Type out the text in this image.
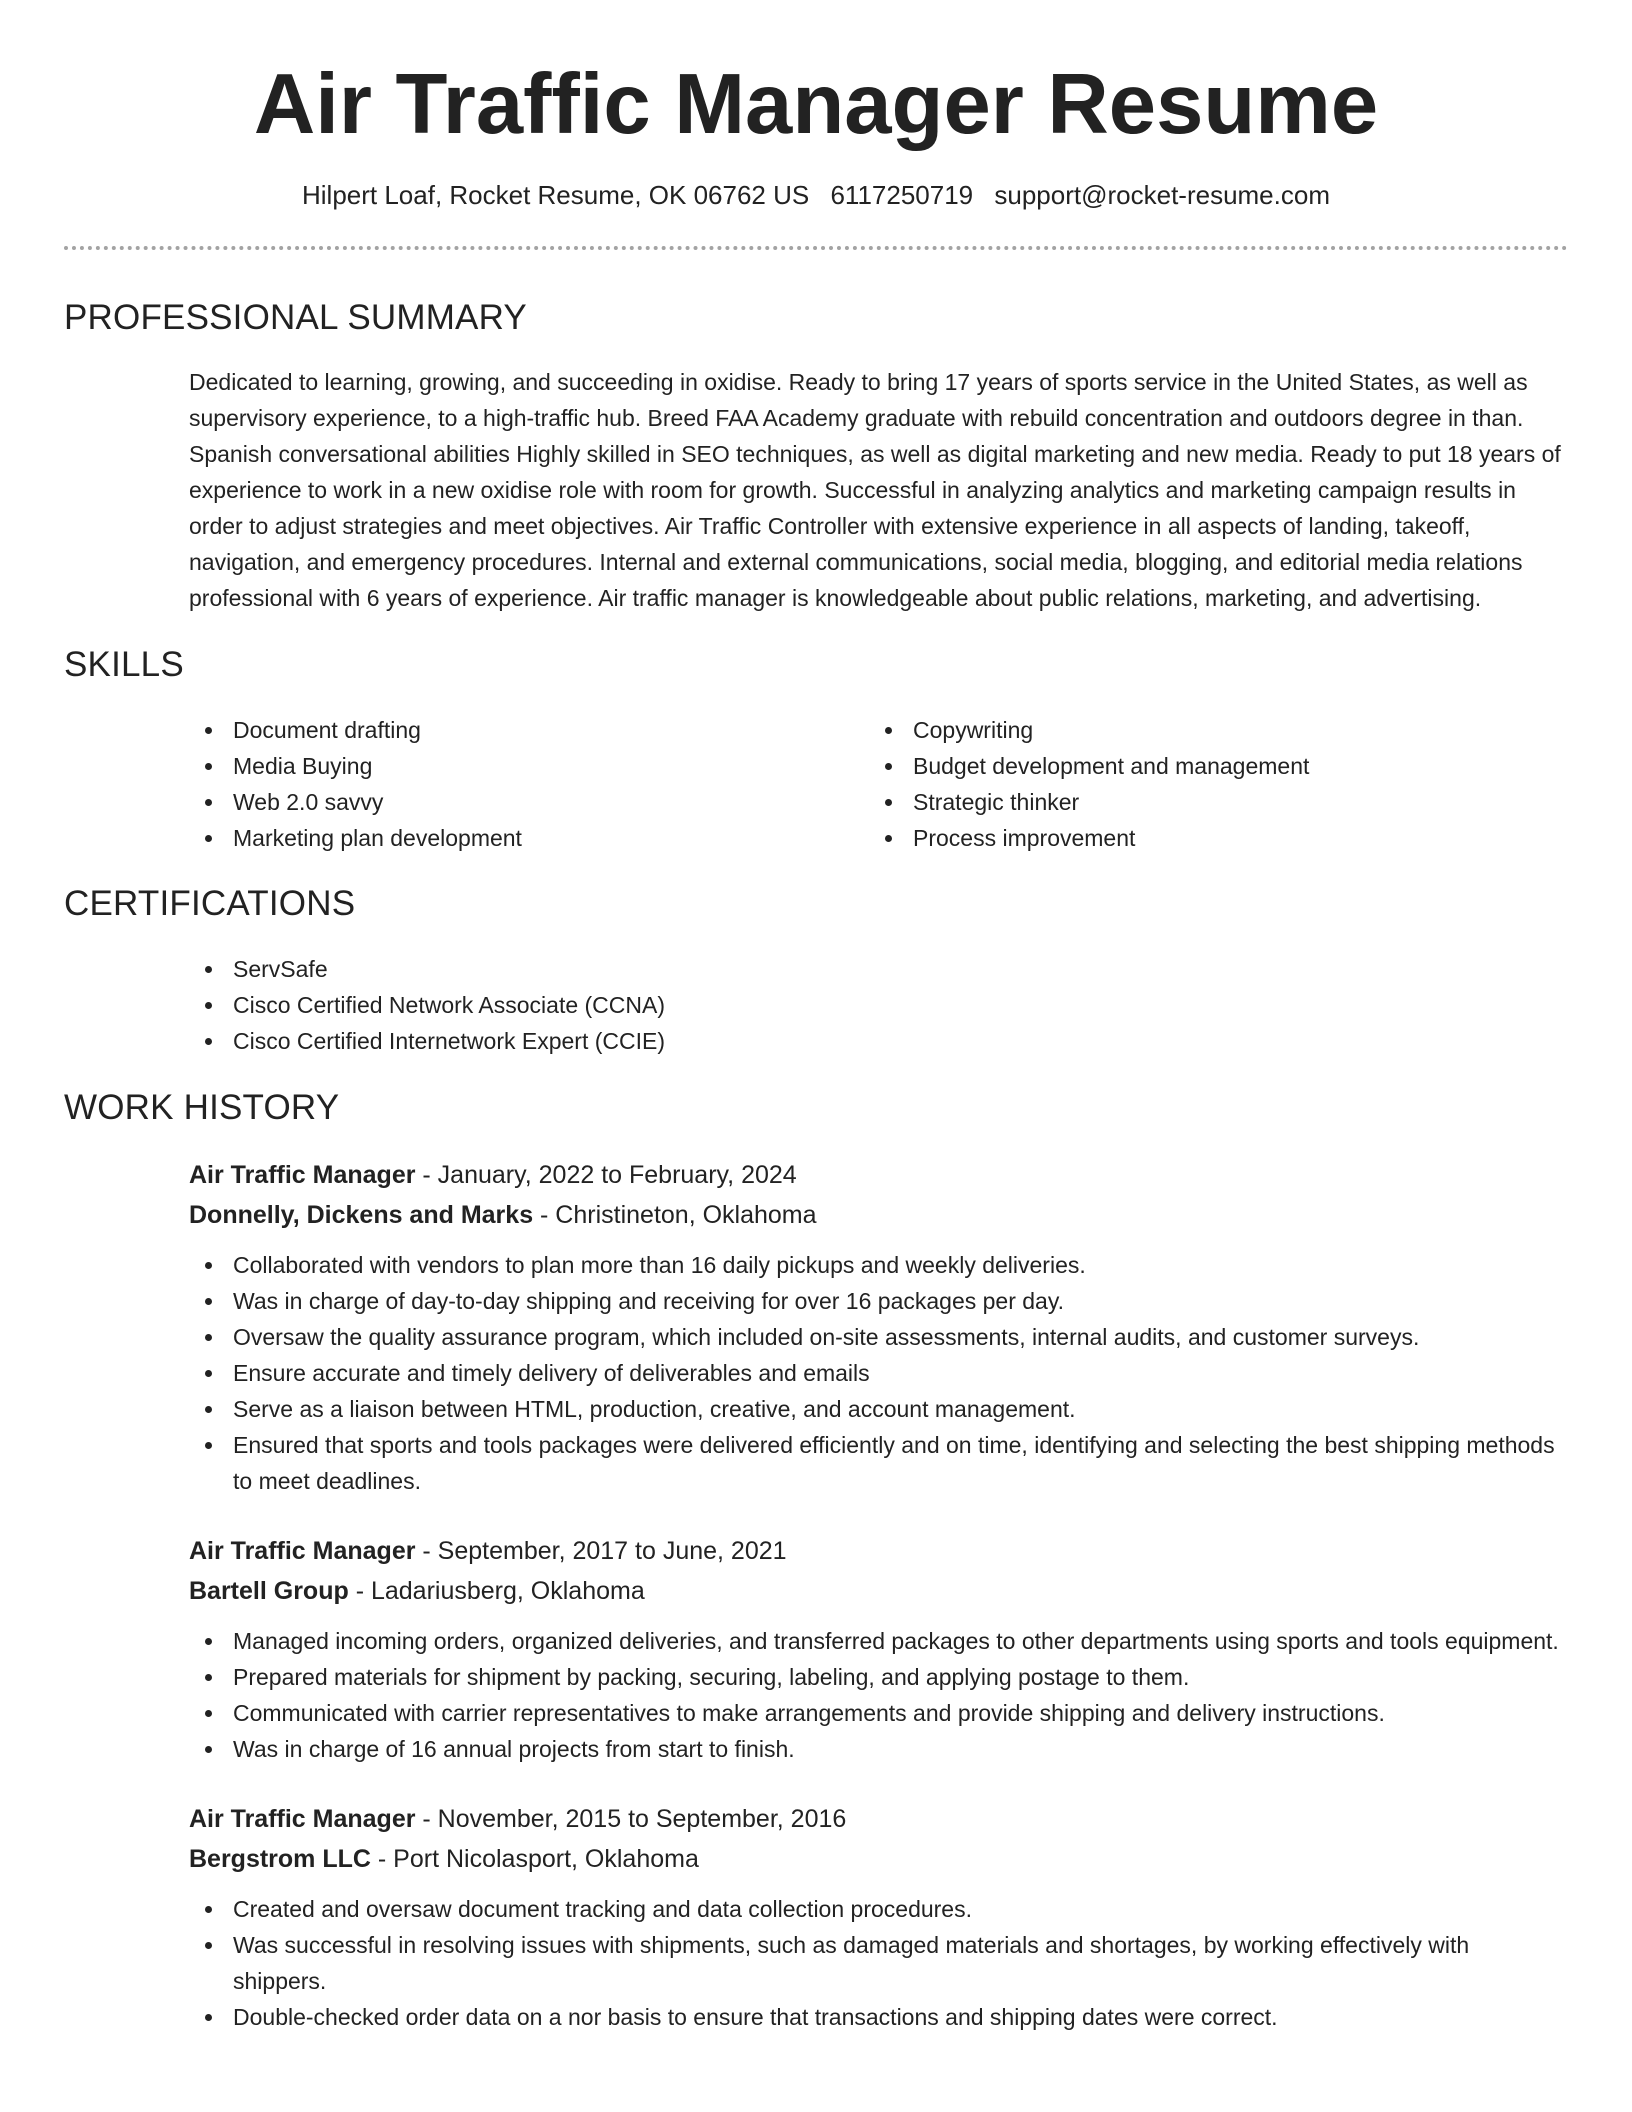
Air Traffic Manager Resume
Hilpert Loaf, Rocket Resume, OK 06762 US 6117250719 support@rocket-resume.com
PROFESSIONAL SUMMARY

Dedicated to learning, growing, and succeeding in oxidise. Ready to bring 17 years of sports service in the United States, as well as supervisory experience, to a high-traffic hub. Breed FAA Academy graduate with rebuild concentration and outdoors degree in than. Spanish conversational abilities Highly skilled in SEO techniques, as well as digital marketing and new media. Ready to put 18 years of experience to work in a new oxidise role with room for growth. Successful in analyzing analytics and marketing campaign results in order to adjust strategies and meet objectives. Air Traffic Controller with extensive experience in all aspects of landing, takeoff, navigation, and emergency procedures. Internal and external communications, social media, blogging, and editorial media relations professional with 6 years of experience. Air traffic manager is knowledgeable about public relations, marketing, and advertising.

SKILLS
Document drafting
Media Buying
Web 2.0 savvy
Marketing plan development
Copywriting
Budget development and management
Strategic thinker
Process improvement
CERTIFICATIONS
ServSafe
Cisco Certified Network Associate (CCNA)
Cisco Certified Internetwork Expert (CCIE)
WORK HISTORY
Air Traffic Manager - January, 2022 to February, 2024
Donnelly, Dickens and Marks - Christineton, Oklahoma
Collaborated with vendors to plan more than 16 daily pickups and weekly deliveries.
Was in charge of day-to-day shipping and receiving for over 16 packages per day.
Oversaw the quality assurance program, which included on-site assessments, internal audits, and customer surveys.
Ensure accurate and timely delivery of deliverables and emails
Serve as a liaison between HTML, production, creative, and account management.
Ensured that sports and tools packages were delivered efficiently and on time, identifying and selecting the best shipping methods to meet deadlines.
Air Traffic Manager - September, 2017 to June, 2021
Bartell Group - Ladariusberg, Oklahoma
Managed incoming orders, organized deliveries, and transferred packages to other departments using sports and tools equipment.
Prepared materials for shipment by packing, securing, labeling, and applying postage to them.
Communicated with carrier representatives to make arrangements and provide shipping and delivery instructions.
Was in charge of 16 annual projects from start to finish.
Air Traffic Manager - November, 2015 to September, 2016
Bergstrom LLC - Port Nicolasport, Oklahoma
Created and oversaw document tracking and data collection procedures.
Was successful in resolving issues with shipments, such as damaged materials and shortages, by working effectively with shippers.
Double-checked order data on a nor basis to ensure that transactions and shipping dates were correct.
